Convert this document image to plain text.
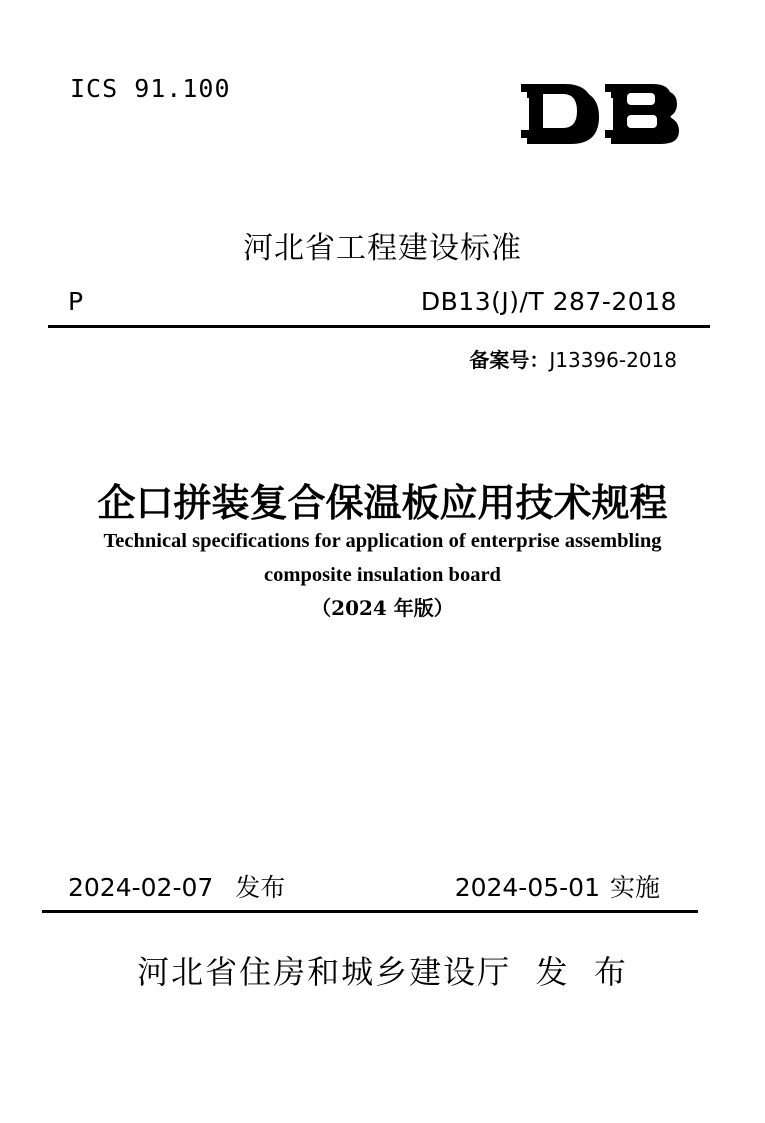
ICS 91.100
河北省工程建设标准
P	DB13(J)/T 287-2018
备案号：J13396-2018
企口拼装复合保温板应用技术规程
Technical specifications for application of enterprise assembling
composite insulation board
（2024 年版）
2024-02-07 发布	2024-05-01 实施
河北省住房和城乡建设厅  发  布
